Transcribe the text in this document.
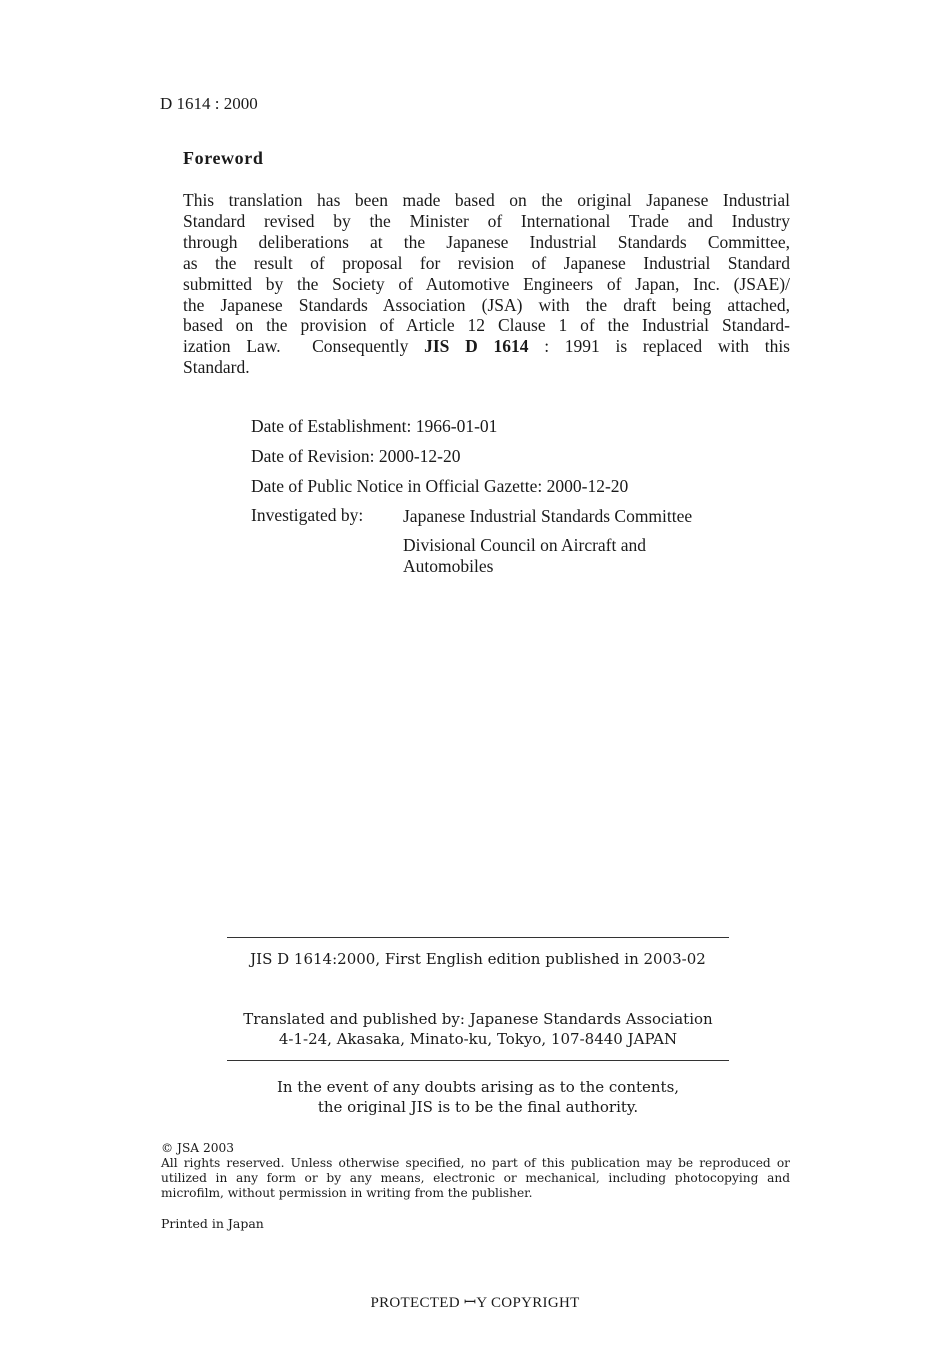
D 1614 : 2000
Foreword
This translation has been made based on the original Japanese Industrial
Standard revised by the Minister of International Trade and Industry
through deliberations at the Japanese Industrial Standards Committee,
as the result of proposal for revision of Japanese Industrial Standard
submitted by the Society of Automotive Engineers of Japan, Inc. (JSAE)/
the Japanese Standards Association (JSA) with the draft being attached,
based on the provision of Article 12 Clause 1 of the Industrial Standard-
ization Law.  Consequently JIS D 1614 : 1991 is replaced with this
Standard.
Date of Establishment: 1966-01-01
Date of Revision: 2000-12-20
Date of Public Notice in Official Gazette: 2000-12-20
Investigated by:	Japanese Industrial Standards Committee
Divisional Council on Aircraft and
Automobiles
JIS D 1614:2000, First English edition published in 2003-02
Translated and published by: Japanese Standards Association
4-1-24, Akasaka, Minato-ku, Tokyo, 107-8440 JAPAN
In the event of any doubts arising as to the contents,
the original JIS is to be the final authority.
© JSA 2003
All rights reserved. Unless otherwise specified, no part of this publication may be reproduced or utilized in any form or by any means, electronic or mechanical, including photocopying and microfilm, without permission in writing from the publisher.
Printed in Japan
PROTECTED ꟷY COPYRIGHT
